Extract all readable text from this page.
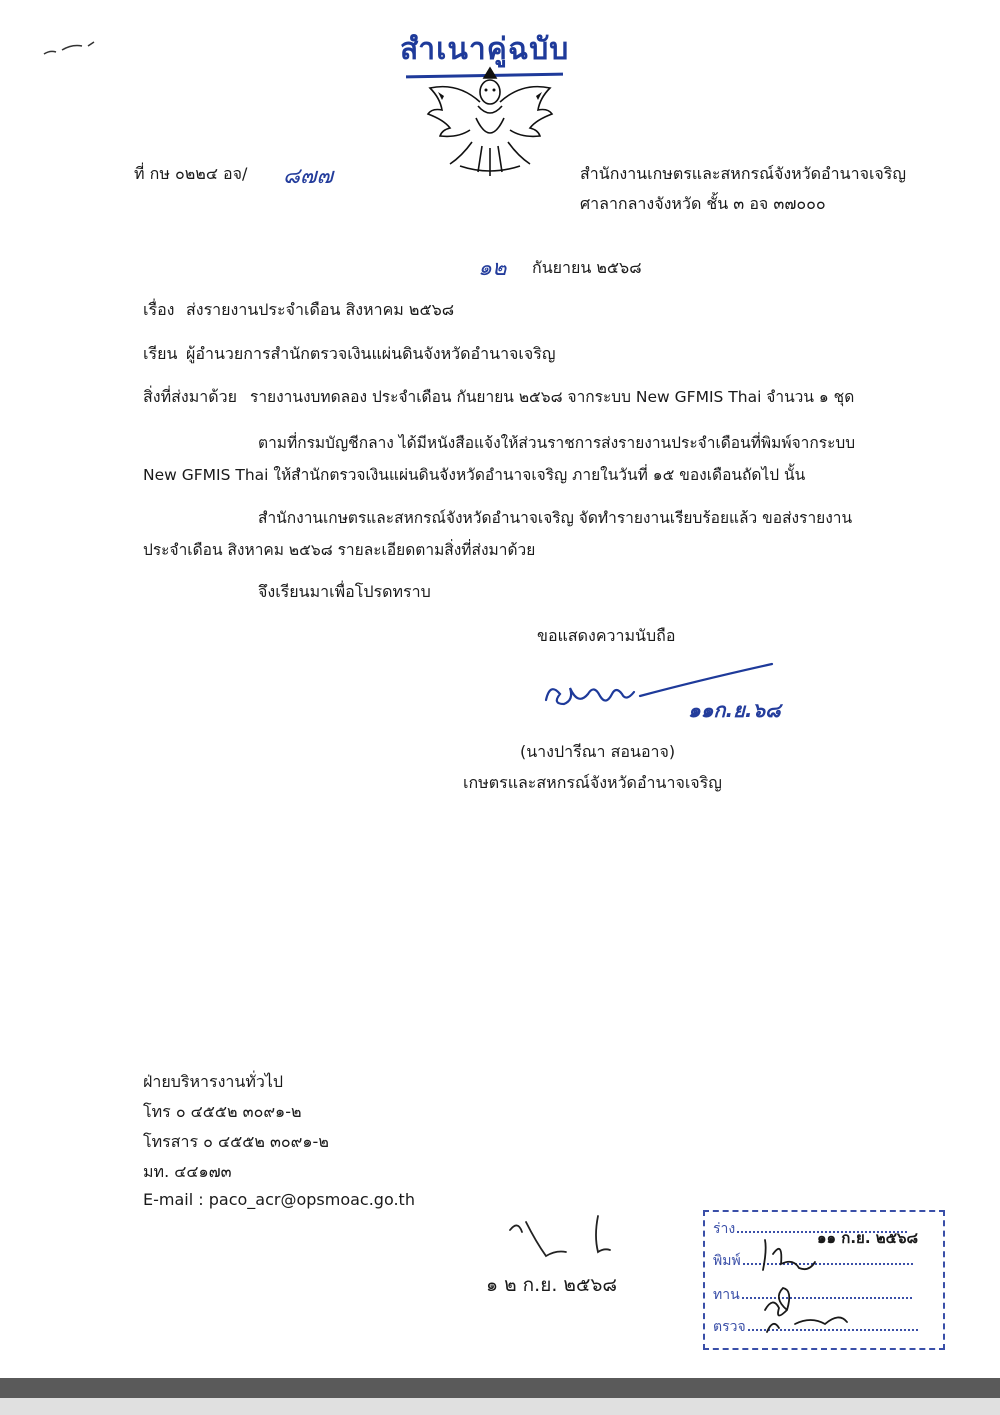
สำเนาคู่ฉบับ
ที่ กษ ๐๒๒๔ อจ/ ๘๗๗	สำนักงานเกษตรและสหกรณ์จังหวัดอำนาจเจริญ
ศาลากลางจังหวัด ชั้น ๓ อจ ๓๗๐๐๐
๑๒ กันยายน ๒๕๖๘
เรื่อง ส่งรายงานประจำเดือน สิงหาคม ๒๕๖๘
เรียน ผู้อำนวยการสำนักตรวจเงินแผ่นดินจังหวัดอำนาจเจริญ
สิ่งที่ส่งมาด้วย รายงานงบทดลอง ประจำเดือน กันยายน ๒๕๖๘ จากระบบ New GFMIS Thai จำนวน ๑ ชุด
ตามที่กรมบัญชีกลาง ได้มีหนังสือแจ้งให้ส่วนราชการส่งรายงานประจำเดือนที่พิมพ์จากระบบ
New GFMIS Thai ให้สำนักตรวจเงินแผ่นดินจังหวัดอำนาจเจริญ ภายในวันที่ ๑๕ ของเดือนถัดไป นั้น
สำนักงานเกษตรและสหกรณ์จังหวัดอำนาจเจริญ จัดทำรายงานเรียบร้อยแล้ว ขอส่งรายงาน
ประจำเดือน สิงหาคม ๒๕๖๘ รายละเอียดตามสิ่งที่ส่งมาด้วย
จึงเรียนมาเพื่อโปรดทราบ
ขอแสดงความนับถือ
๑๑ก.ย.๖๘
(นางปารีณา สอนอาจ)
เกษตรและสหกรณ์จังหวัดอำนาจเจริญ
ฝ่ายบริหารงานทั่วไป
โทร ๐ ๔๕๕๒ ๓๐๙๑-๒
โทรสาร ๐ ๔๕๕๒ ๓๐๙๑-๒
มท. ๔๔๑๗๓
E-mail : paco_acr@opsmoac.go.th
๑ ๒ ก.ย. ๒๕๖๘
ร่าง
พิมพ์
ทาน
ตรวจ
๑๑ ก.ย. ๒๕๖๘
